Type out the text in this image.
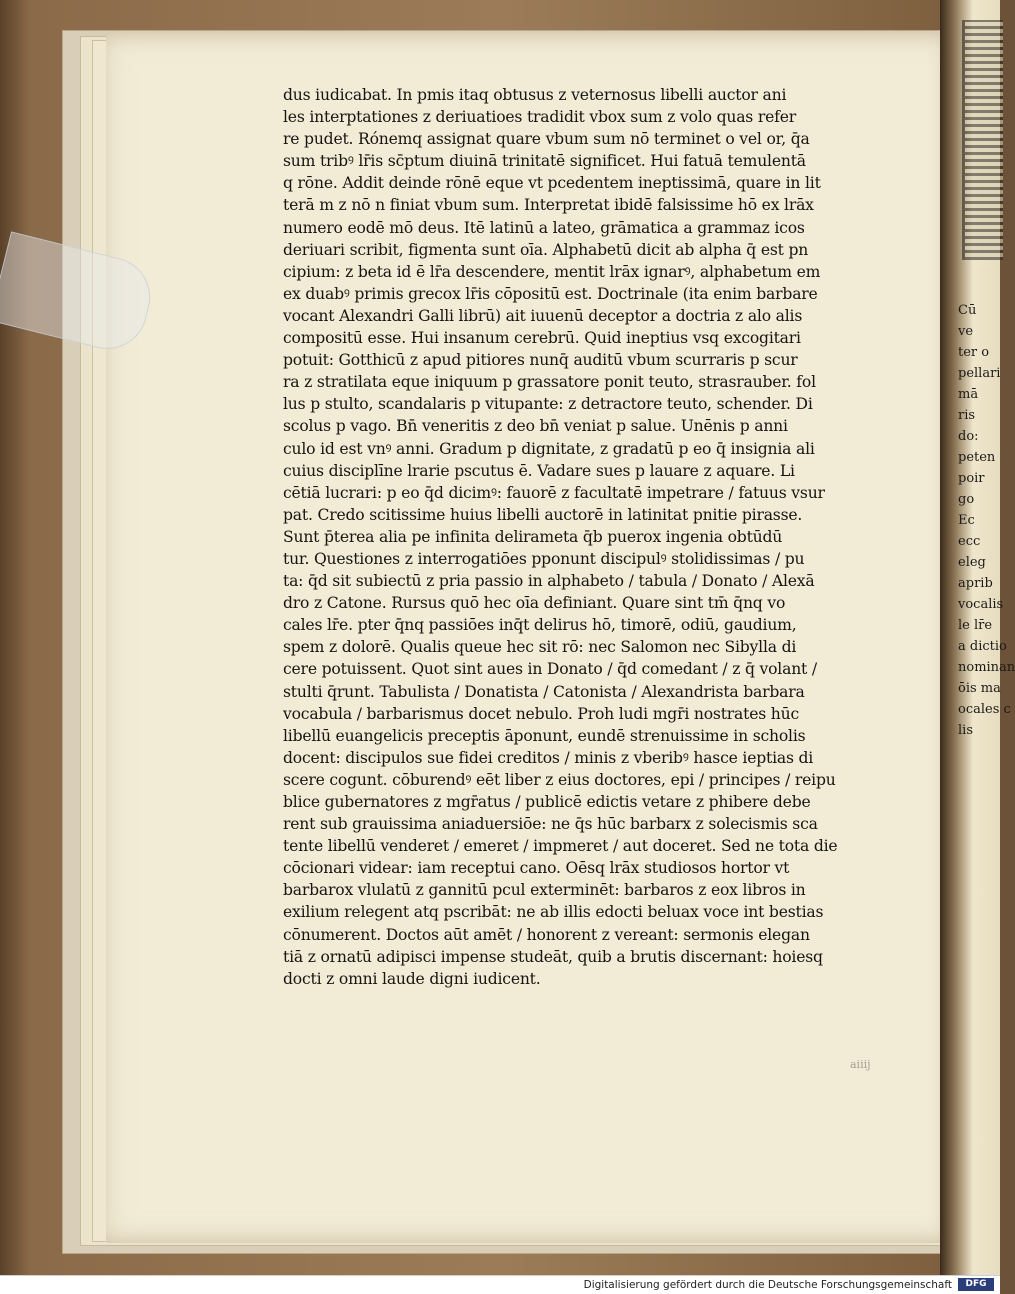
Cū
ve
ter o
pellari
mā
ris
do:
peten
poir
go
Ec
ecc
eleg
aprib
vocalis
le lr̄e
a dictio
nominan
ōis ma
ocales c
lis
dus iudicabat. In pmis itaq obtusus z veternosus libelli auctor ani
les interptationes z deriuatioes tradidit vbox sum z volo quas refer
re pudet. Rónemq assignat quare vbum sum nō terminet o vel or, q̄a
sum tribꝰ lr̄is sc̄ptum diuinā trinitatē significet. Hui fatuā temulentā
q rōne. Addit deinde rōnē eque vt pcedentem ineptissimā, quare in lit
terā m z nō n finiat vbum sum. Interpretat ibidē falsissime hō ex lrāx
numero eodē mō deus. Itē latinū a lateo, grāmatica a grammaz icos
deriuari scribit, figmenta sunt oīa. Alphabetū dicit ab alpha q̄ est pn
cipium: z beta id ē lr̄a descendere, mentit lrāx ignarꝰ, alphabetum em
ex duabꝰ primis grecox lr̄is cōpositū est. Doctrinale (ita enim barbare
vocant Alexandri Galli librū) ait iuuenū deceptor a doctria z alo alis
compositū esse. Hui insanum cerebrū. Quid ineptius vsq excogitari
potuit: Gotthicū z apud pitiores nunq̄ auditū vbum scurraris p scur
ra z stratilata eque iniquum p grassatore ponit teuto, strasrauber. fol
lus p stulto, scandalaris p vitupante: z detractore teuto, schender. Di
scolus p vago. Bn̄ veneritis z deo bn̄ veniat p salue. Unēnis p anni
culo id est vnꝰ anni. Gradum p dignitate, z gradatū p eo q̄ insignia ali
cuius disciplīne lrarie pscutus ē. Vadare sues p lauare z aquare. Li
cētiā lucrari: p eo q̄d dicimꝰ: fauorē z facultatē impetrare / fatuus vsur
pat. Credo scitissime huius libelli auctorē in latinitat pnitie pirasse.
Sunt p̄terea alia pe infinita delirameta q̄b puerox ingenia obtūdū
tur. Questiones z interrogatiōes pponunt discipulꝰ stolidissimas / pu
ta: q̄d sit subiectū z pria passio in alphabeto / tabula / Donato / Alexā
dro z Catone. Rursus quō hec oīa definiant. Quare sint tm̄ q̄nq vo
cales lr̄e. pter q̄nq passiōes inq̄t delirus hō, timorē, odiū, gaudium,
spem z dolorē. Qualis queue hec sit rō: nec Salomon nec Sibylla di
cere potuissent. Quot sint aues in Donato / q̄d comedant / z q̄ volant /
stulti q̄runt. Tabulista / Donatista / Catonista / Alexandrista barbara
vocabula / barbarismus docet nebulo. Proh ludi mgr̄i nostrates hūc
libellū euangelicis preceptis āponunt, eundē strenuissime in scholis
docent: discipulos sue fidei creditos / minis z vberibꝰ hasce ieptias di
scere cogunt. cōburendꝰ eēt liber z eius doctores, epi / principes / reipu
blice gubernatores z mgr̄atus / publicē edictis vetare z phibere debe
rent sub grauissima aniaduersiōe: ne q̄s hūc barbarx z solecismis sca
tente libellū venderet / emeret / impmeret / aut doceret. Sed ne tota die
cōcionari videar: iam receptui cano. Oēsq lrāx studiosos hortor vt
barbarox vlulatū z gannitū pcul exterminēt: barbaros z eox libros in
exilium relegent atq pscribāt: ne ab illis edocti beluax voce int bestias
cōnumerent. Doctos aūt amēt / honorent z vereant: sermonis elegan
tiā z ornatū adipisci impense studeāt, quib a brutis discernant: hoiesq
docti z omni laude digni iudicent.
aiiij
Digitalisierung gefördert durch die Deutsche Forschungsgemeinschaft	DFG
